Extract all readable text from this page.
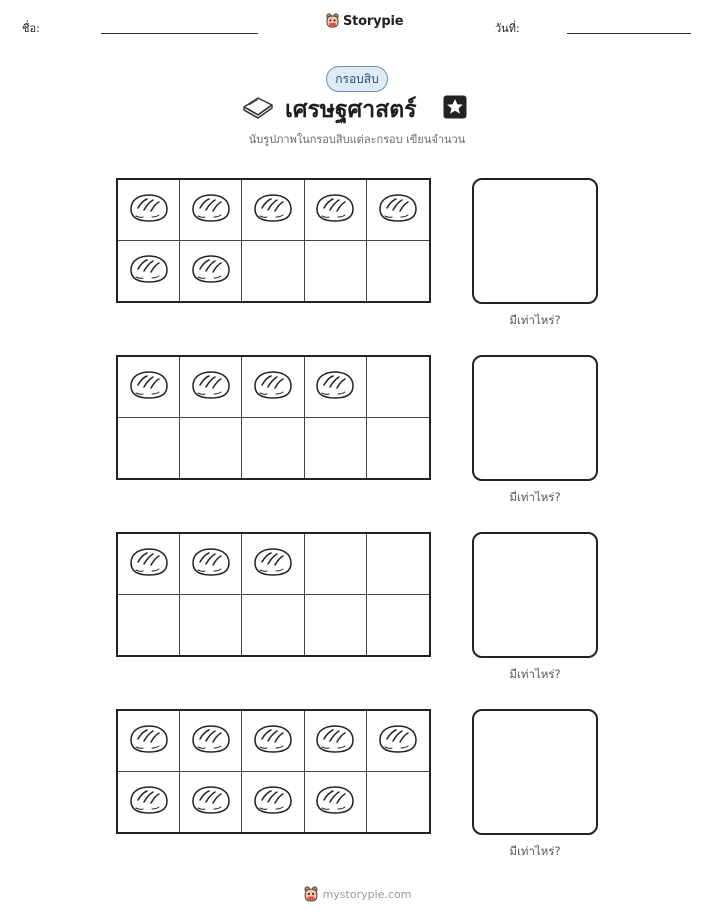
ชื่อ:	Storypie	วันที่:
กรอบสิบ
เศรษฐศาสตร์
นับรูปภาพในกรอบสิบแต่ละกรอบ เขียนจำนวน
มีเท่าไหร่?
มีเท่าไหร่?
มีเท่าไหร่?
มีเท่าไหร่?
mystorypie.com
